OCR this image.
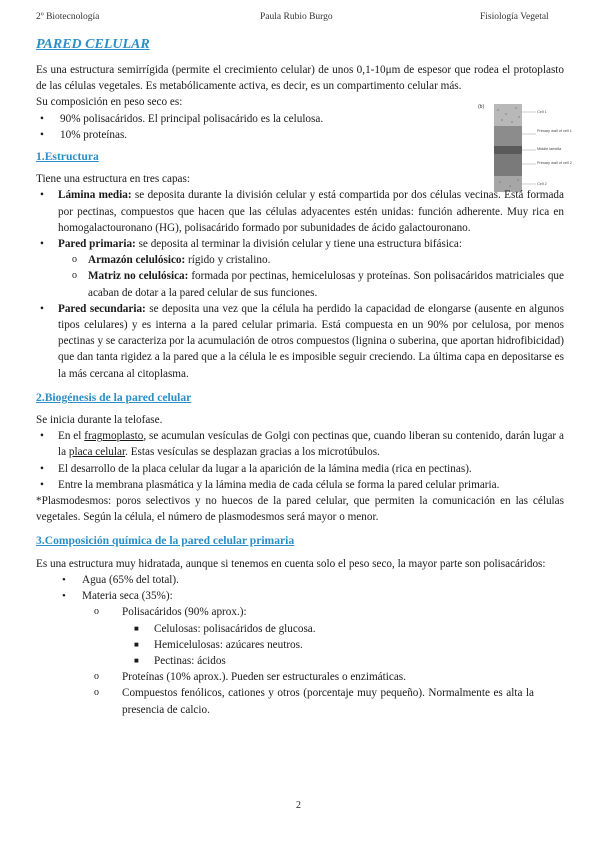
2º Biotecnología	Paula Rubio Burgo	Fisiología Vegetal
(b)
Cell 1
Primary wall of cell 1
Middle lamella
Primary wall of cell 2
Cell 2
PARED CELULAR

Es una estructura semirrígida (permite el crecimiento celular) de unos 0,1-10μm de espesor que rodea el protoplasto de las células vegetales. Es metabólicamente activa, es decir, es un compartimento celular más.

Su composición en peso seco es:

• 90% polisacáridos. El principal polisacárido es la celulosa.
• 10% proteínas.
1.Estructura

Tiene una estructura en tres capas:

• Lámina media: se deposita durante la división celular y está compartida por dos células vecinas. Está formada por pectinas, compuestos que hacen que las células adyacentes estén unidas: función adherente. Muy rica en homogalactouronano (HG), polisacárido formado por subunidades de ácido galactouronano.
• Pared primaria: se deposita al terminar la división celular y tiene una estructura bifásica:
o Armazón celulósico: rígido y cristalino.
o Matriz no celulósica: formada por pectinas, hemicelulosas y proteínas. Son polisacáridos matriciales que acaban de dotar a la pared celular de sus funciones.
• Pared secundaria: se deposita una vez que la célula ha perdido la capacidad de elongarse (ausente en algunos tipos celulares) y es interna a la pared celular primaria. Está compuesta en un 90% por celulosa, por menos pectinas y se caracteriza por la acumulación de otros compuestos (lignina o suberina, que aportan hidrofibicidad) que dan tanta rigidez a la pared que a la célula le es imposible seguir creciendo. La última capa en depositarse es la más cercana al citoplasma.
2.Biogénesis de la pared celular

Se inicia durante la telofase.

• En el fragmoplasto, se acumulan vesículas de Golgi con pectinas que, cuando liberan su contenido, darán lugar a la placa celular. Estas vesículas se desplazan gracias a los microtúbulos.
• El desarrollo de la placa celular da lugar a la aparición de la lámina media (rica en pectinas).
• Entre la membrana plasmática y la lámina media de cada célula se forma la pared celular primaria.

*Plasmodesmos: poros selectivos y no huecos de la pared celular, que permiten la comunicación en las células vegetales. Según la célula, el número de plasmodesmos será mayor o menor.

3.Composición química de la pared celular primaria

Es una estructura muy hidratada, aunque si tenemos en cuenta solo el peso seco, la mayor parte son polisacáridos:

• Agua (65% del total).
• Materia seca (35%):
o Polisacáridos (90% aprox.):
■ Celulosas: polisacáridos de glucosa.
■ Hemicelulosas: azúcares neutros.
■ Pectinas: ácidos
o Proteínas (10% aprox.). Pueden ser estructurales o enzimáticas.
o Compuestos fenólicos, cationes y otros (porcentaje muy pequeño). Normalmente es alta la presencia de calcio.
2
